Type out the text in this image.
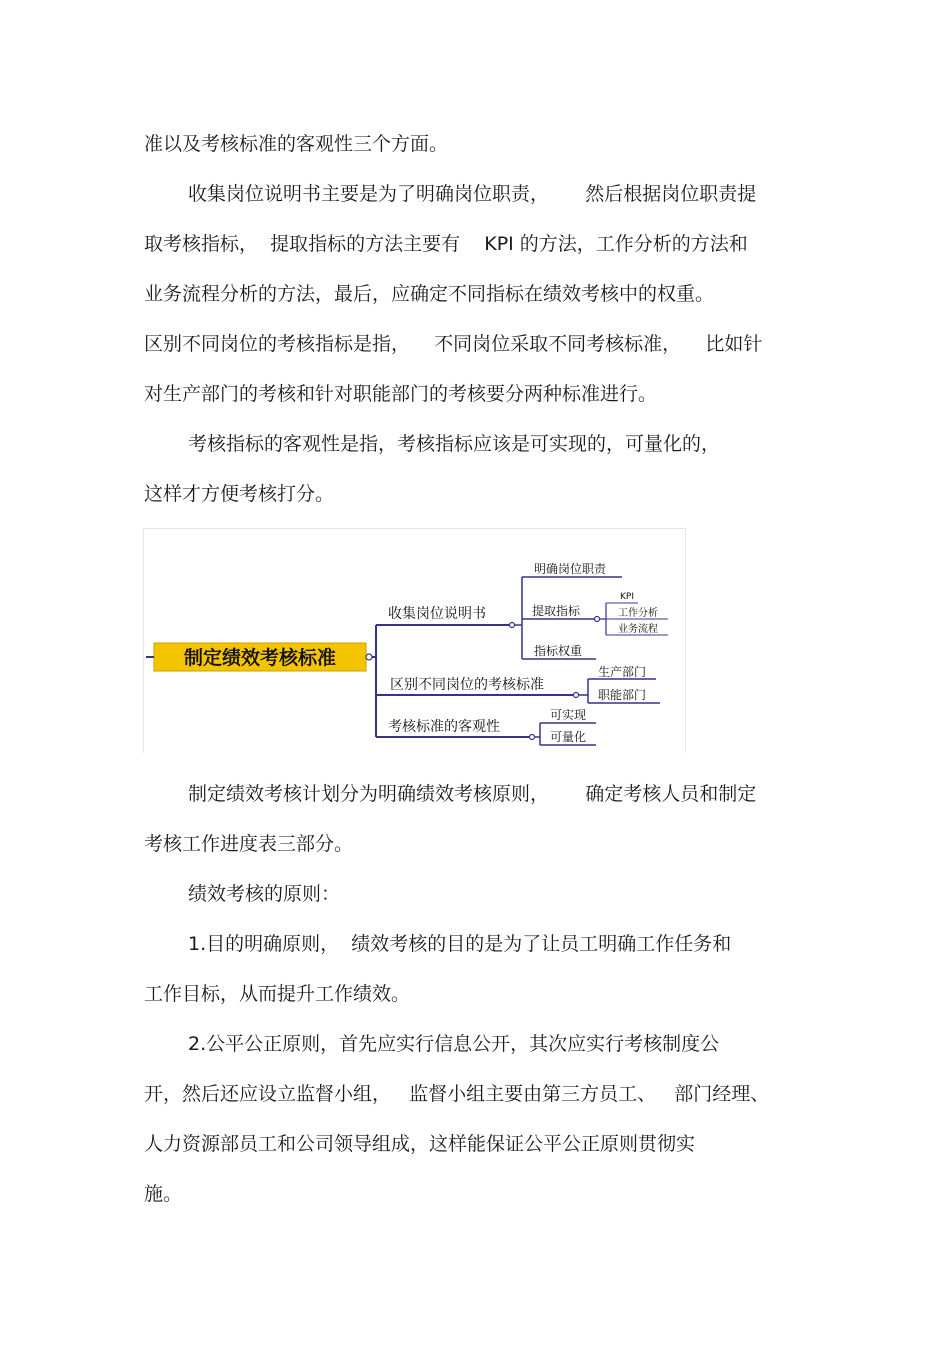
准以及考核标准的客观性三个方面。
收集岗位说明书主要是为了明确岗位职责，      然后根据岗位职责提
取考核指标，  提取指标的方法主要有    KPI 的方法，工作分析的方法和
业务流程分析的方法，最后，应确定不同指标在绩效考核中的权重。
区别不同岗位的考核指标是指，    不同岗位采取不同考核标准，    比如针
对生产部门的考核和针对职能部门的考核要分两种标准进行。
考核指标的客观性是指，考核指标应该是可实现的，可量化的，
这样才方便考核打分。
制定绩效考核计划分为明确绩效考核原则，      确定考核人员和制定
考核工作进度表三部分。
绩效考核的原则：
1.目的明确原则，  绩效考核的目的是为了让员工明确工作任务和
工作目标，从而提升工作绩效。
2.公平公正原则，首先应实行信息公开，其次应实行考核制度公
开，然后还应设立监督小组，   监督小组主要由第三方员工、   部门经理、
人力资源部员工和公司领导组成，这样能保证公平公正原则贯彻实
施。
制定绩效考核标准
收集岗位说明书
明确岗位职责
提取指标
KPI
工作分析
业务流程
指标权重
区别不同岗位的考核标准
生产部门
职能部门
考核标准的客观性
可实现
可量化
